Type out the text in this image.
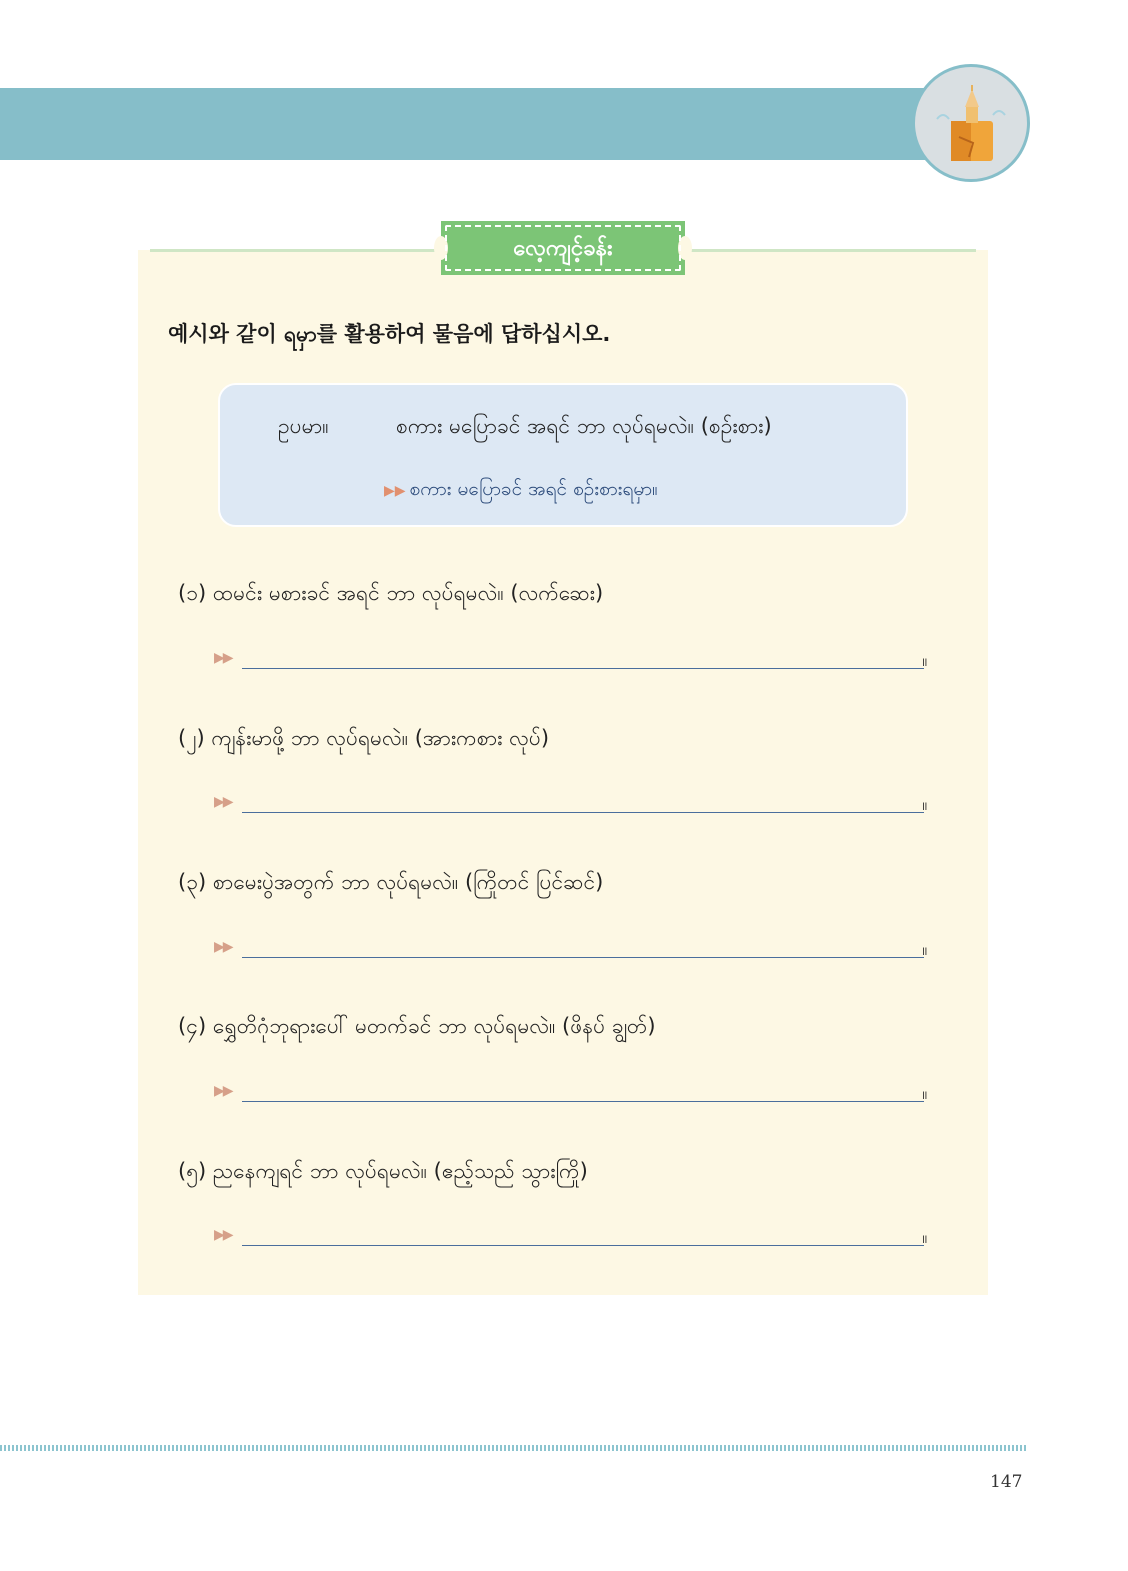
လေ့ကျင့်ခန်း
예시와 같이 ရမှာ를 활용하여 물음에 답하십시오.
ဥပမာ။	စကား မပြောခင် အရင် ဘာ လုပ်ရမလဲ။ (စဉ်းစား)
▶▶ စကား မပြောခင် အရင် စဉ်းစားရမှာ။
(၁) ထမင်း မစားခင် အရင် ဘာ လုပ်ရမလဲ။ (လက်ဆေး)
▶▶	။
(၂) ကျန်းမာဖို့ ဘာ လုပ်ရမလဲ။ (အားကစား လုပ်)
▶▶	။
(၃) စာမေးပွဲအတွက် ဘာ လုပ်ရမလဲ။ (ကြိုတင် ပြင်ဆင်)
▶▶	။
(၄) ရွှေတိဂုံဘုရားပေါ် မတက်ခင် ဘာ လုပ်ရမလဲ။ (ဖိနပ် ချွတ်)
▶▶	။
(၅) ညနေကျရင် ဘာ လုပ်ရမလဲ။ (ဧည့်သည် သွားကြို)
▶▶	။
147
